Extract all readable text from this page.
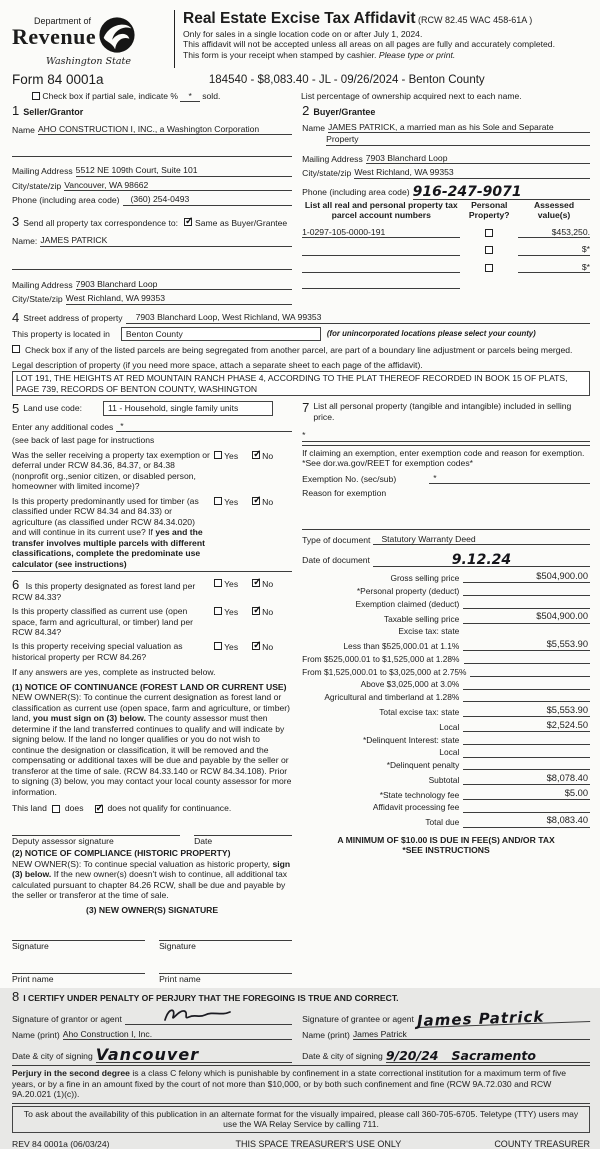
Department of
Revenue
Washington State
Real Estate Excise Tax Affidavit (RCW 82.45 WAC 458-61A )
Only for sales in a single location code on or after July 1, 2024.
This affidavit will not be accepted unless all areas on all pages are fully and accurately completed.
This form is your receipt when stamped by cashier. Please type or print.
Form 84 0001a	184540 - $8,083.40 - JL - 09/26/2024 - Benton County
Check box if partial sale, indicate % * sold.	List percentage of ownership acquired next to each name.
1 Seller/Grantor
Name AHO CONSTRUCTION I, INC., a Washington Corporation
Mailing Address 5512 NE 109th Court, Suite 101
City/state/zip Vancouver, WA 98662
Phone (including area code)	(360) 254-0493
3 Send all property tax correspondence to: ✓ Same as Buyer/Grantee
Name: JAMES PATRICK
Mailing Address 7903 Blanchard Loop
City/State/zip West Richland, WA 99353
2 Buyer/Grantee
Name JAMES PATRICK, a married man as his Sole and Separate
Property
Mailing Address 7903 Blanchard Loop
City/state/zip West Richland, WA 99353
Phone (including area code) 916-247-9071
List all real and personal property tax parcel account numbers
Personal Property?
Assessed value(s)
1-0297-105-0000-191	$453,250.
$*
$*
4 Street address of property	7903 Blanchard Loop, West Richland, WA 99353
This property is located in	Benton County	(for unincorporated locations please select your county)
Check box if any of the listed parcels are being segregated from another parcel, are part of a boundary line adjustment or parcels being merged.
Legal description of property (if you need more space, attach a separate sheet to each page of the affidavit).
LOT 191, THE HEIGHTS AT RED MOUNTAIN RANCH PHASE 4, ACCORDING TO THE PLAT THEREOF RECORDED IN BOOK 15 OF PLATS, PAGE 739, RECORDS OF BENTON COUNTY, WASHINGTON
5 Land use code:	11 - Household, single family units
Enter any additional codes *
(see back of last page for instructions
Was the seller receiving a property tax exemption or deferral under RCW 84.36, 84.37, or 84.38 (nonprofit org.,senior citizen, or disabled person, homeowner with limited income)?
Yes ✓	No
Is this property predominantly used for timber (as classified under RCW 84.34 and 84.33) or agriculture (as classified under RCW 84.34.020) and will continue in its current use? If yes and the transfer involves multiple parcels with different classifications, complete the predominate use calculator (see instructions)
Yes ✓	No
6 Is this property designated as forest land per RCW 84.33?
Yes ✓	No
Is this property classified as current use (open space, farm and agricultural, or timber) land per RCW 84.34?
Yes ✓	No
Is this property receiving special valuation as historical property per RCW 84.26?
Yes ✓	No
If any answers are yes, complete as instructed below.
(1) NOTICE OF CONTINUANCE (FOREST LAND OR CURRENT USE)
NEW OWNER(S): To continue the current designation as forest land or classification as current use (open space, farm and agriculture, or timber) land, you must sign on (3) below. The county assessor must then determine if the land transferred continues to qualify and will indicate by signing below. If the land no longer qualifies or you do not wish to continue the designation or classification, it will be removed and the compensating or additional taxes will be due and payable by the seller or transferor at the time of sale. (RCW 84.33.140 or RCW 84.34.108). Prior to signing (3) below, you may contact your local county assessor for more information.
This land does ✓	does not qualify for continuance.
Deputy assessor signature	Date
(2) NOTICE OF COMPLIANCE (HISTORIC PROPERTY)
NEW OWNER(S): To continue special valuation as historic property, sign (3) below. If the new owner(s) doesn't wish to continue, all additional tax calculated pursuant to chapter 84.26 RCW, shall be due and payable by the seller or transferor at the time of sale.
(3) NEW OWNER(S) SIGNATURE
Signature	Signature
Print name	Print name
7 List all personal property (tangible and intangible) included in selling price.
*
If claiming an exemption, enter exemption code and reason for exemption. *See dor.wa.gov/REET for exemption codes*
Exemption No. (sec/sub)	*
Reason for exemption
Type of document	Statutory Warranty Deed
Date of document	9.12.24
Gross selling price	$504,900.00
*Personal property (deduct)
Exemption claimed (deduct)
Taxable selling price	$504,900.00
Excise tax: state
Less than $525,000.01 at 1.1%	$5,553.90
From $525,000.01 to $1,525,000 at 1.28%
From $1,525,000.01 to $3,025,000 at 2.75%
Above $3,025,000 at 3.0%
Agricultural and timberland at 1.28%
Total excise tax: state	$5,553.90
Local	$2,524.50
*Delinquent Interest: state
Local
*Delinquent penalty
Subtotal	$8,078.40
*State technology fee	$5.00
Affidavit processing fee
Total due	$8,083.40
A MINIMUM OF $10.00 IS DUE IN FEE(S) AND/OR TAX
*SEE INSTRUCTIONS
8 I CERTIFY UNDER PENALTY OF PERJURY THAT THE FOREGOING IS TRUE AND CORRECT.
Signature of grantor or agent
Name (print) Aho Construction I, Inc.
Date & city of signing Vancouver
Signature of grantee or agent James Patrick
Name (print) James Patrick
Date & city of signing 9/20/24 Sacramento
Perjury in the second degree is a class C felony which is punishable by confinement in a state correctional institution for a maximum term of five years, or by a fine in an amount fixed by the court of not more than $10,000, or by both such confinement and fine (RCW 9A.72.030 and RCW 9A.20.021 (1)(c)).
To ask about the availability of this publication in an alternate format for the visually impaired, please call 360-705-6705. Teletype (TTY) users may use the WA Relay Service by calling 711.
REV 84 0001a (06/03/24)	THIS SPACE TREASURER'S USE ONLY	COUNTY TREASURER
